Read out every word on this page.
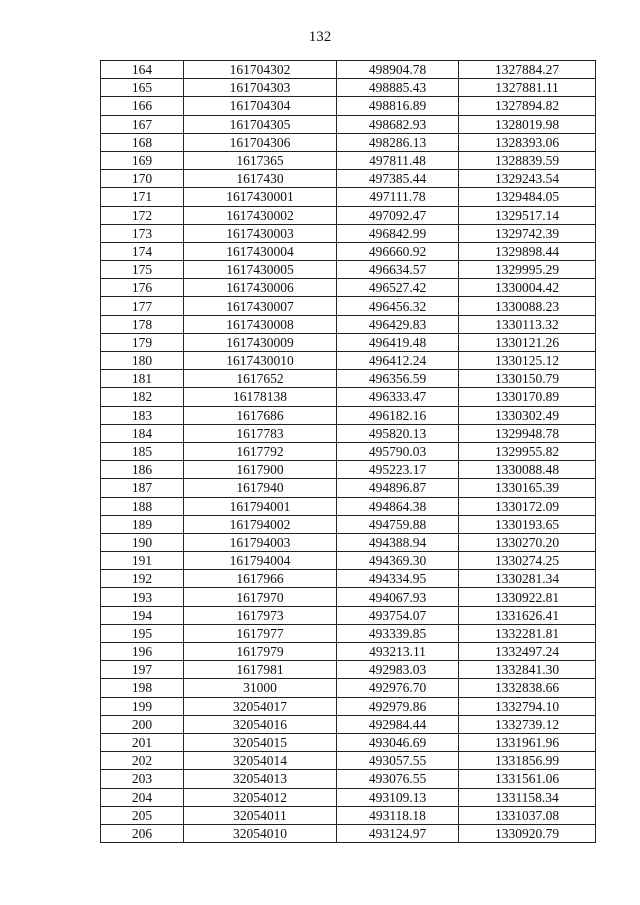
132
164	161704302	498904.78	1327884.27
165	161704303	498885.43	1327881.11
166	161704304	498816.89	1327894.82
167	161704305	498682.93	1328019.98
168	161704306	498286.13	1328393.06
169	1617365	497811.48	1328839.59
170	1617430	497385.44	1329243.54
171	1617430001	497111.78	1329484.05
172	1617430002	497092.47	1329517.14
173	1617430003	496842.99	1329742.39
174	1617430004	496660.92	1329898.44
175	1617430005	496634.57	1329995.29
176	1617430006	496527.42	1330004.42
177	1617430007	496456.32	1330088.23
178	1617430008	496429.83	1330113.32
179	1617430009	496419.48	1330121.26
180	1617430010	496412.24	1330125.12
181	1617652	496356.59	1330150.79
182	16178138	496333.47	1330170.89
183	1617686	496182.16	1330302.49
184	1617783	495820.13	1329948.78
185	1617792	495790.03	1329955.82
186	1617900	495223.17	1330088.48
187	1617940	494896.87	1330165.39
188	161794001	494864.38	1330172.09
189	161794002	494759.88	1330193.65
190	161794003	494388.94	1330270.20
191	161794004	494369.30	1330274.25
192	1617966	494334.95	1330281.34
193	1617970	494067.93	1330922.81
194	1617973	493754.07	1331626.41
195	1617977	493339.85	1332281.81
196	1617979	493213.11	1332497.24
197	1617981	492983.03	1332841.30
198	31000	492976.70	1332838.66
199	32054017	492979.86	1332794.10
200	32054016	492984.44	1332739.12
201	32054015	493046.69	1331961.96
202	32054014	493057.55	1331856.99
203	32054013	493076.55	1331561.06
204	32054012	493109.13	1331158.34
205	32054011	493118.18	1331037.08
206	32054010	493124.97	1330920.79
